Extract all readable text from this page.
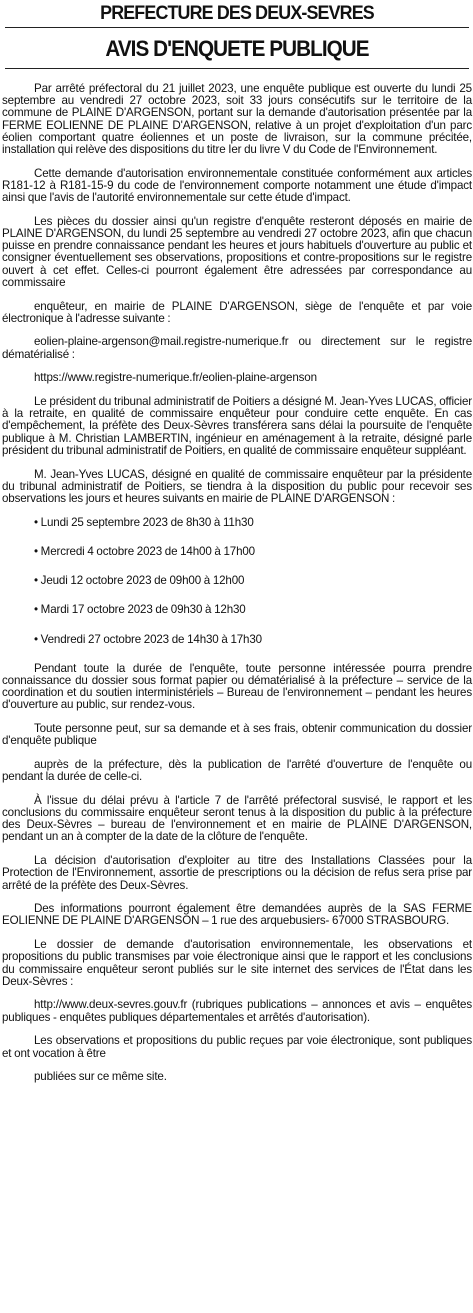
PREFECTURE DES DEUX-SEVRES
AVIS D'ENQUETE PUBLIQUE

Par arrêté préfectoral du 21 juillet 2023, une enquête publique est ouverte du lundi 25 septembre au vendredi 27 octobre 2023, soit 33 jours consécutifs sur le territoire de la commune de PLAINE D'ARGENSON, portant sur la demande d'autorisation présentée par la FERME EOLIENNE DE PLAINE D'ARGENSON, relative à un projet d'exploitation d'un parc éolien comportant quatre éoliennes et un poste de livraison, sur la commune précitée, installation qui relève des dispositions du titre Ier du livre V du Code de l'Environnement.

Cette demande d'autorisation environnementale constituée conformément aux articles R181-12 à R181-15-9 du code de l'environnement comporte notamment une étude d'impact ainsi que l'avis de l'autorité environnementale sur cette étude d'impact.

Les pièces du dossier ainsi qu'un registre d'enquête resteront déposés en mairie de PLAINE D'ARGENSON, du lundi 25 septembre au vendredi 27 octobre 2023, afin que chacun puisse en prendre connaissance pendant les heures et jours habituels d'ouverture au public et consigner éventuellement ses observations, propositions et contre-propositions sur le registre ouvert à cet effet. Celles-ci pourront également être adressées par correspondance au commissaire

enquêteur, en mairie de PLAINE D'ARGENSON, siège de l'enquête et par voie électronique à l'adresse suivante :

eolien-plaine-argenson@mail.registre-numerique.fr ou directement sur le registre dématérialisé :

https://www.registre-numerique.fr/eolien-plaine-argenson

Le président du tribunal administratif de Poitiers a désigné M. Jean-Yves LUCAS, officier à la retraite, en qualité de commissaire enquêteur pour conduire cette enquête. En cas d'empêchement, la préfète des Deux-Sèvres transférera sans délai la poursuite de l'enquête publique à M. Christian LAMBERTIN, ingénieur en aménagement à la retraite, désigné parle président du tribunal administratif de Poitiers, en qualité de commissaire enquêteur suppléant.

M. Jean-Yves LUCAS, désigné en qualité de commissaire enquêteur par la présidente du tribunal administratif de Poitiers, se tiendra à la disposition du public pour recevoir ses observations les jours et heures suivants en mairie de PLAINE D'ARGENSON :

• Lundi 25 septembre 2023 de 8h30 à 11h30

• Mercredi 4 octobre 2023 de 14h00 à 17h00

• Jeudi 12 octobre 2023 de 09h00 à 12h00

• Mardi 17 octobre 2023 de 09h30 à 12h30

• Vendredi 27 octobre 2023 de 14h30 à 17h30

Pendant toute la durée de l'enquête, toute personne intéressée pourra prendre connaissance du dossier sous format papier ou dématérialisé à la préfecture – service de la coordination et du soutien interministériels – Bureau de l'environnement – pendant les heures d'ouverture au public, sur rendez-vous.

Toute personne peut, sur sa demande et à ses frais, obtenir communication du dossier d'enquête publique

auprès de la préfecture, dès la publication de l'arrêté d'ouverture de l'enquête ou pendant la durée de celle-ci.

À l'issue du délai prévu à l'article 7 de l'arrêté préfectoral susvisé, le rapport et les conclusions du commissaire enquêteur seront tenus à la disposition du public à la préfecture des Deux-Sèvres – bureau de l'environnement et en mairie de PLAINE D'ARGENSON, pendant un an à compter de la date de la clôture de l'enquête.

La décision d'autorisation d'exploiter au titre des Installations Classées pour la Protection de l'Environnement, assortie de prescriptions ou la décision de refus sera prise par arrêté de la préfète des Deux-Sèvres.

Des informations pourront également être demandées auprès de la SAS FERME EOLIENNE DE PLAINE D'ARGENSON – 1 rue des arquebusiers- 67000 STRASBOURG.

Le dossier de demande d'autorisation environnementale, les observations et propositions du public transmises par voie électronique ainsi que le rapport et les conclusions du commissaire enquêteur seront publiés sur le site internet des services de l'État dans les Deux-Sèvres :

http://www.deux-sevres.gouv.fr (rubriques publications – annonces et avis – enquêtes publiques - enquêtes publiques départementales et arrêtés d'autorisation).

Les observations et propositions du public reçues par voie électronique, sont publiques et ont vocation à être

publiées sur ce même site.
